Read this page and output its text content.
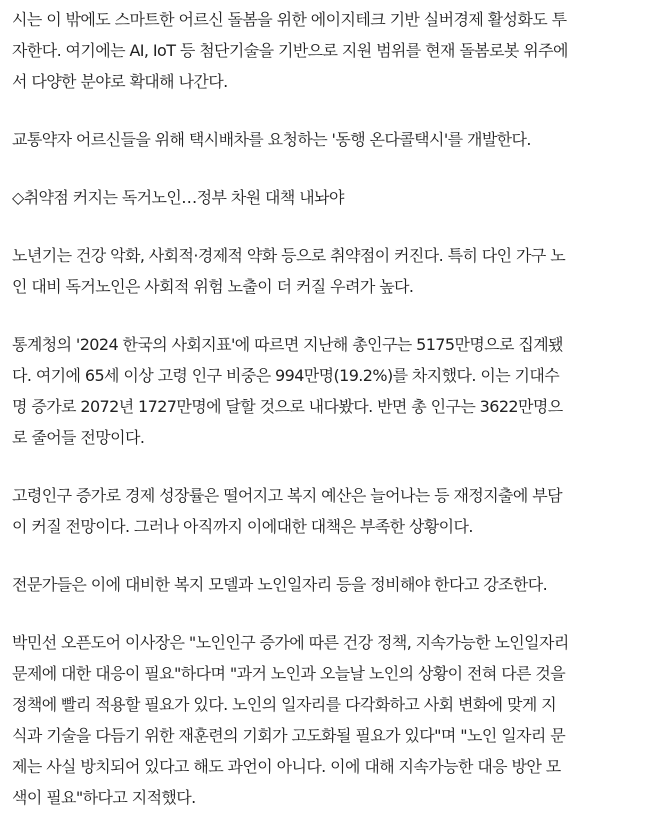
시는 이 밖에도 스마트한 어르신 돌봄을 위한 에이지테크 기반 실버경제 활성화도 투
자한다. 여기에는 AI, IoT 등 첨단기술을 기반으로 지원 범위를 현재 돌봄로봇 위주에
서 다양한 분야로 확대해 나간다.

교통약자 어르신들을 위해 택시배차를 요청하는 '동행 온다콜택시'를 개발한다.

◇취약점 커지는 독거노인…정부 차원 대책 내놔야

노년기는 건강 악화, 사회적·경제적 약화 등으로 취약점이 커진다. 특히 다인 가구 노
인 대비 독거노인은 사회적 위험 노출이 더 커질 우려가 높다.

통계청의 '2024 한국의 사회지표'에 따르면 지난해 총인구는 5175만명으로 집계됐
다. 여기에 65세 이상 고령 인구 비중은 994만명(19.2%)를 차지했다. 이는 기대수
명 증가로 2072년 1727만명에 달할 것으로 내다봤다. 반면 총 인구는 3622만명으
로 줄어들 전망이다.

고령인구 증가로 경제 성장률은 떨어지고 복지 예산은 늘어나는 등 재정지출에 부담
이 커질 전망이다. 그러나 아직까지 이에대한 대책은 부족한 상황이다.

전문가들은 이에 대비한 복지 모델과 노인일자리 등을 정비해야 한다고 강조한다.

박민선 오픈도어 이사장은 "노인인구 증가에 따른 건강 정책, 지속가능한 노인일자리
문제에 대한 대응이 필요"하다며 "과거 노인과 오늘날 노인의 상황이 전혀 다른 것을
정책에 빨리 적용할 필요가 있다. 노인의 일자리를 다각화하고 사회 변화에 맞게 지
식과 기술을 다듬기 위한 재훈련의 기회가 고도화될 필요가 있다"며 "노인 일자리 문
제는 사실 방치되어 있다고 해도 과언이 아니다. 이에 대해 지속가능한 대응 방안 모
색이 필요"하다고 지적했다.
